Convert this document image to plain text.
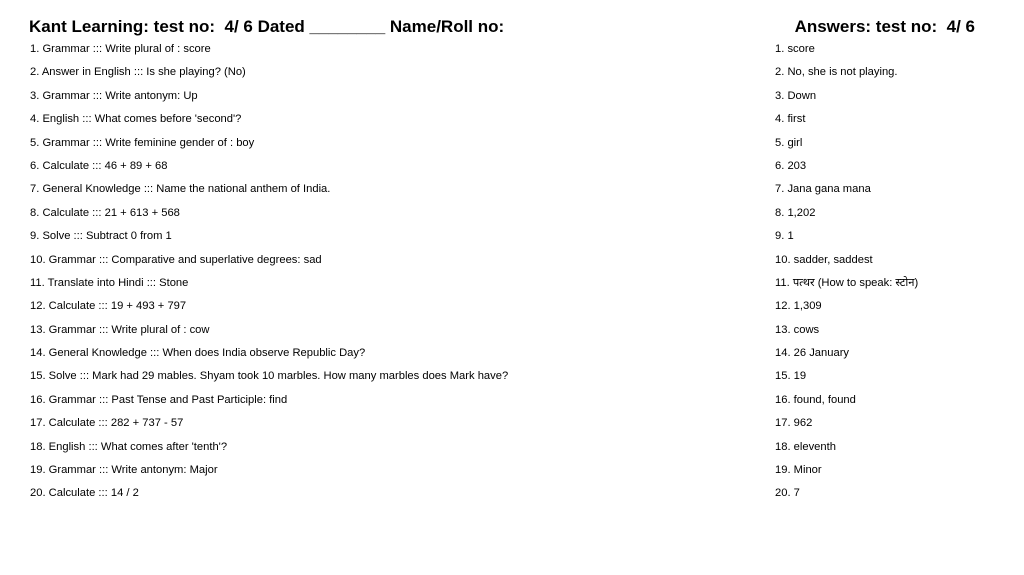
Kant Learning: test no:  4/ 6 Dated ________ Name/Roll no:	Answers: test no:  4/ 6
1. Grammar ::: Write plural of : score
2. Answer in English ::: Is she playing? (No)
3. Grammar ::: Write antonym: Up
4. English ::: What comes before 'second'?
5. Grammar ::: Write feminine gender of : boy
6. Calculate ::: 46 + 89 + 68
7. General Knowledge ::: Name the national anthem of India.
8. Calculate ::: 21 + 613 + 568
9. Solve ::: Subtract 0 from 1
10. Grammar ::: Comparative and superlative degrees: sad
11. Translate into Hindi ::: Stone
12. Calculate ::: 19 + 493 + 797
13. Grammar ::: Write plural of : cow
14. General Knowledge ::: When does India observe Republic Day?
15. Solve ::: Mark had 29 mables. Shyam took 10 marbles. How many marbles does Mark have?
16. Grammar ::: Past Tense and Past Participle: find
17. Calculate ::: 282 + 737 - 57
18. English ::: What comes after 'tenth'?
19. Grammar ::: Write antonym: Major
20. Calculate ::: 14 / 2
1. score
2. No, she is not playing.
3. Down
4. first
5. girl
6. 203
7. Jana gana mana
8. 1,202
9. 1
10. sadder, saddest
11. पत्थर (How to speak: स्टोन)
12. 1,309
13. cows
14. 26 January
15. 19
16. found, found
17. 962
18. eleventh
19. Minor
20. 7
